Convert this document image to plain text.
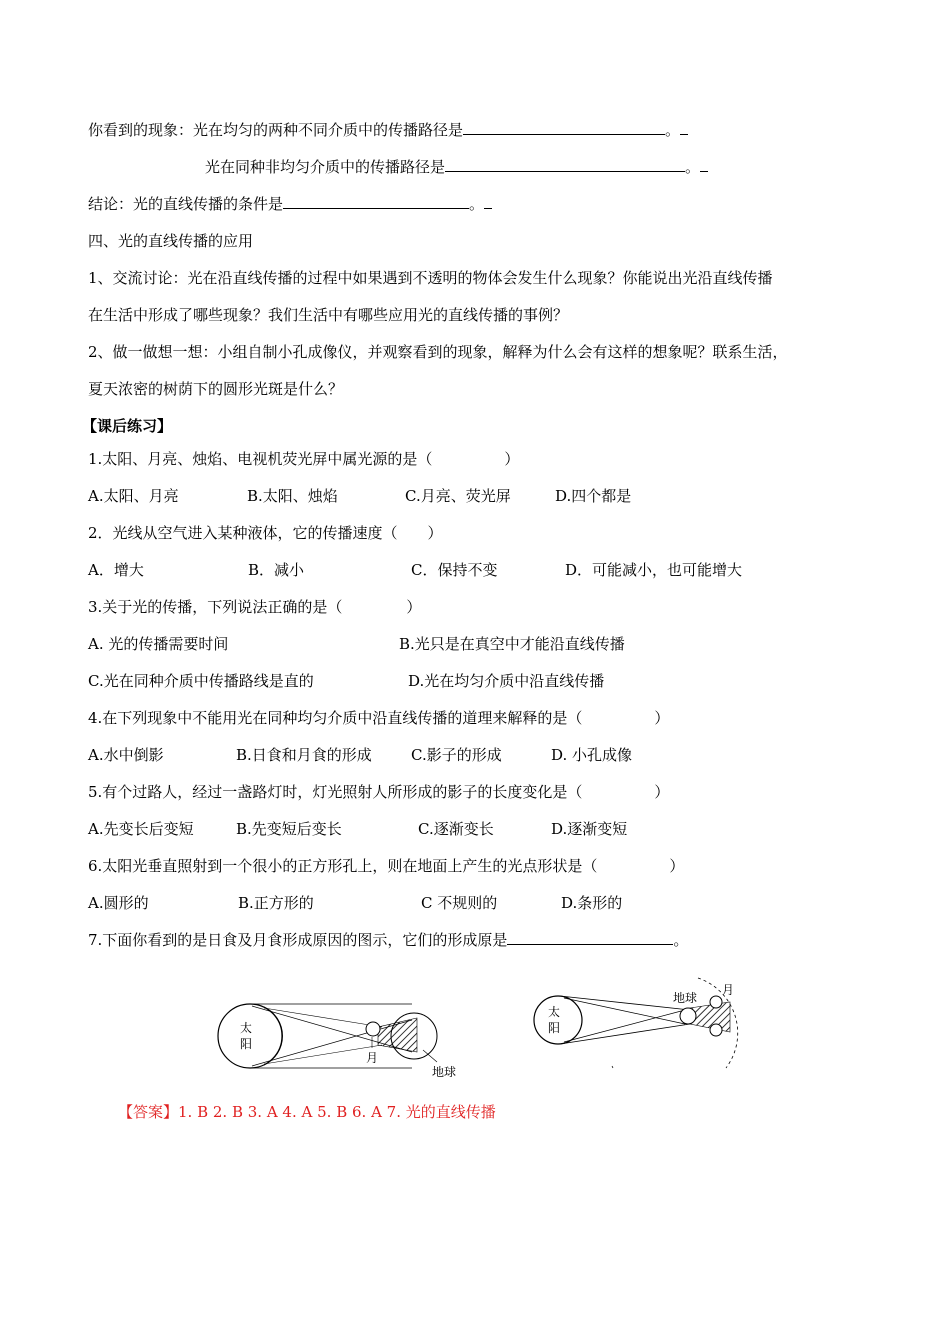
你看到的现象：光在均匀的两种不同介质中的传播路径是	。
光在同种非均匀介质中的传播路径是	。
结论：光的直线传播的条件是	。
四、光的直线传播的应用
1、交流讨论：光在沿直线传播的过程中如果遇到不透明的物体会发生什么现象？你能说出光沿直线传播
在生活中形成了哪些现象？我们生活中有哪些应用光的直线传播的事例？
2、做一做想一想：小组自制小孔成像仪，并观察看到的现象，解释为什么会有这样的想象呢？联系生活，
夏天浓密的树荫下的圆形光斑是什么？
【课后练习】
1.太阳、月亮、烛焰、电视机荧光屏中属光源的是（	）
A.太阳、月亮	B.太阳、烛焰	C.月亮、荧光屏	D.四个都是
2．光线从空气进入某种液体，它的传播速度（ ）
A．增大	B．减小	C．保持不变	D．可能减小，也可能增大
3.关于光的传播，下列说法正确的是（	）
A. 光的传播需要时间	B.光只是在真空中才能沿直线传播
C.光在同种介质中传播路线是直的	D.光在均匀介质中沿直线传播
4.在下列现象中不能用光在同种均匀介质中沿直线传播的道理来解释的是（	）
A.水中倒影	B.日食和月食的形成	C.影子的形成	D. 小孔成像
5.有个过路人，经过一盏路灯时，灯光照射人所形成的影子的长度变化是（	）
A.先变长后变短	B.先变短后变长	C.逐渐变长	D.逐渐变短
6.太阳光垂直照射到一个很小的正方形孔上，则在地面上产生的光点形状是（	）
A.圆形的	B.正方形的	C 不规则的	D.条形的
7.下面你看到的是日食及月食形成原因的图示，它们的形成原是	。
太
阳
月
地球
太
阳
地球
月
【答案】1. B 2. B 3. A 4. A 5. B 6. A 7. 光的直线传播
